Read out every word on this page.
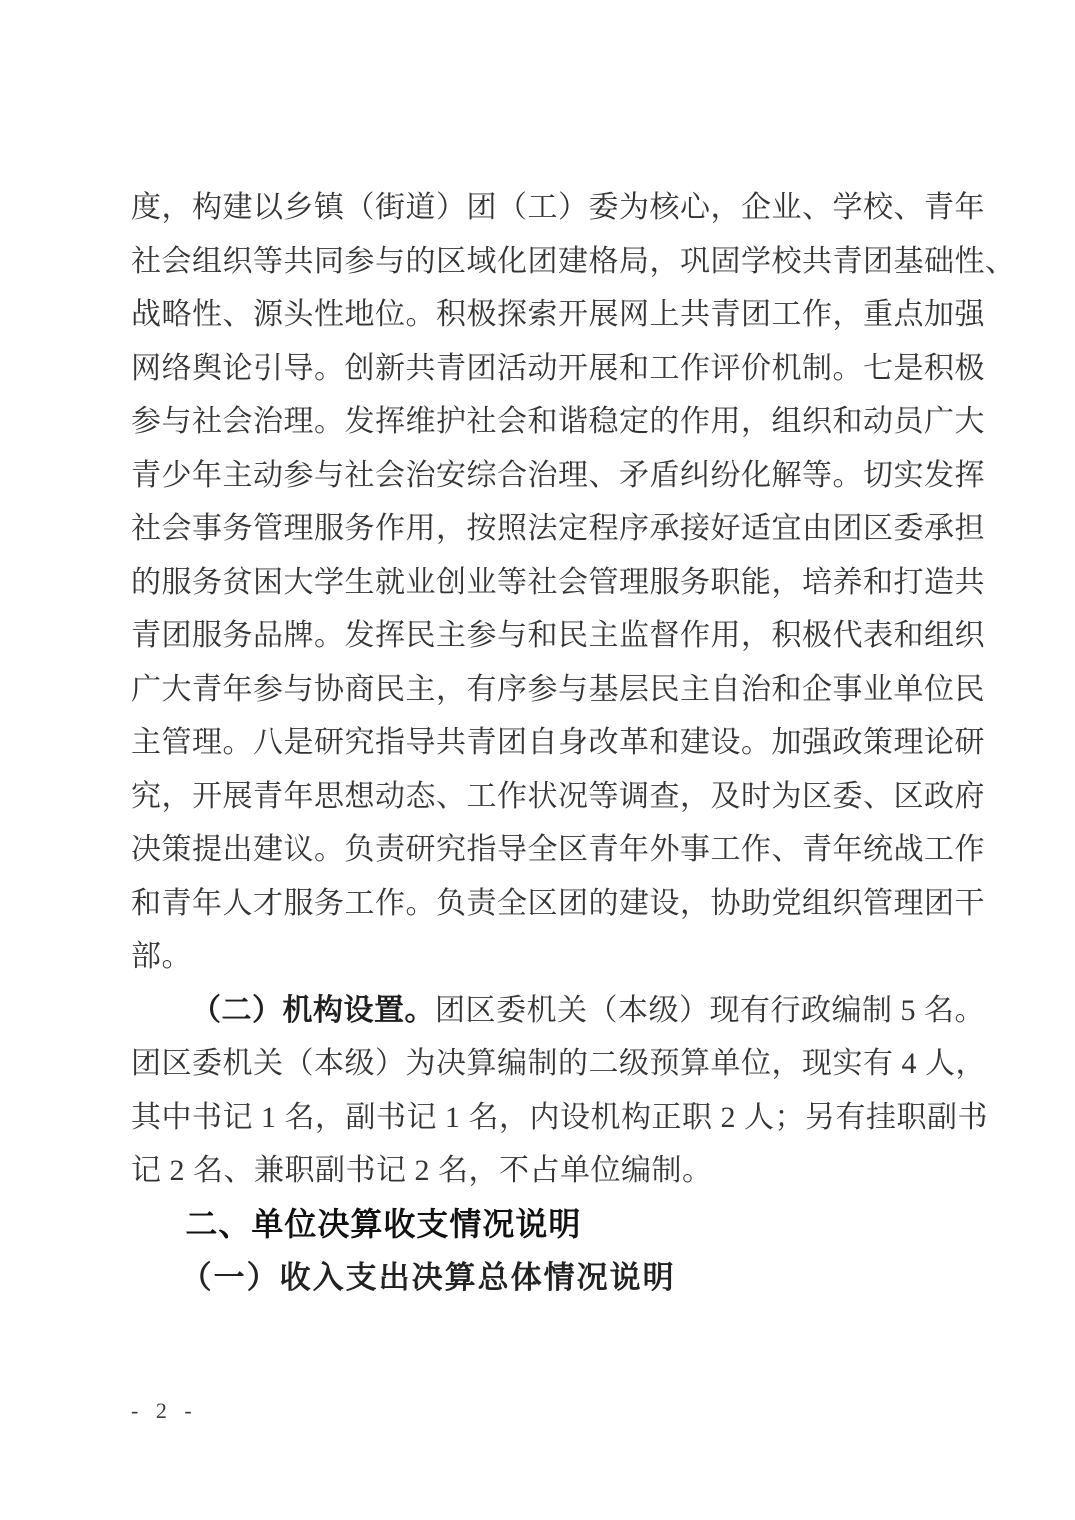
度，构建以乡镇（街道）团（工）委为核心，企业、学校、青年
社会组织等共同参与的区域化团建格局，巩固学校共青团基础性、
战略性、源头性地位。积极探索开展网上共青团工作，重点加强
网络舆论引导。创新共青团活动开展和工作评价机制。七是积极
参与社会治理。发挥维护社会和谐稳定的作用，组织和动员广大
青少年主动参与社会治安综合治理、矛盾纠纷化解等。切实发挥
社会事务管理服务作用，按照法定程序承接好适宜由团区委承担
的服务贫困大学生就业创业等社会管理服务职能，培养和打造共
青团服务品牌。发挥民主参与和民主监督作用，积极代表和组织
广大青年参与协商民主，有序参与基层民主自治和企事业单位民
主管理。八是研究指导共青团自身改革和建设。加强政策理论研
究，开展青年思想动态、工作状况等调查，及时为区委、区政府
决策提出建议。负责研究指导全区青年外事工作、青年统战工作
和青年人才服务工作。负责全区团的建设，协助党组织管理团干
部。
（二）机构设置。团区委机关（本级）现有行政编制 5 名。
团区委机关（本级）为决算编制的二级预算单位，现实有 4 人，
其中书记 1 名，副书记 1 名，内设机构正职 2 人；另有挂职副书
记 2 名、兼职副书记 2 名，不占单位编制。
二、单位决算收支情况说明
（一）收入支出决算总体情况说明
- 2 -
